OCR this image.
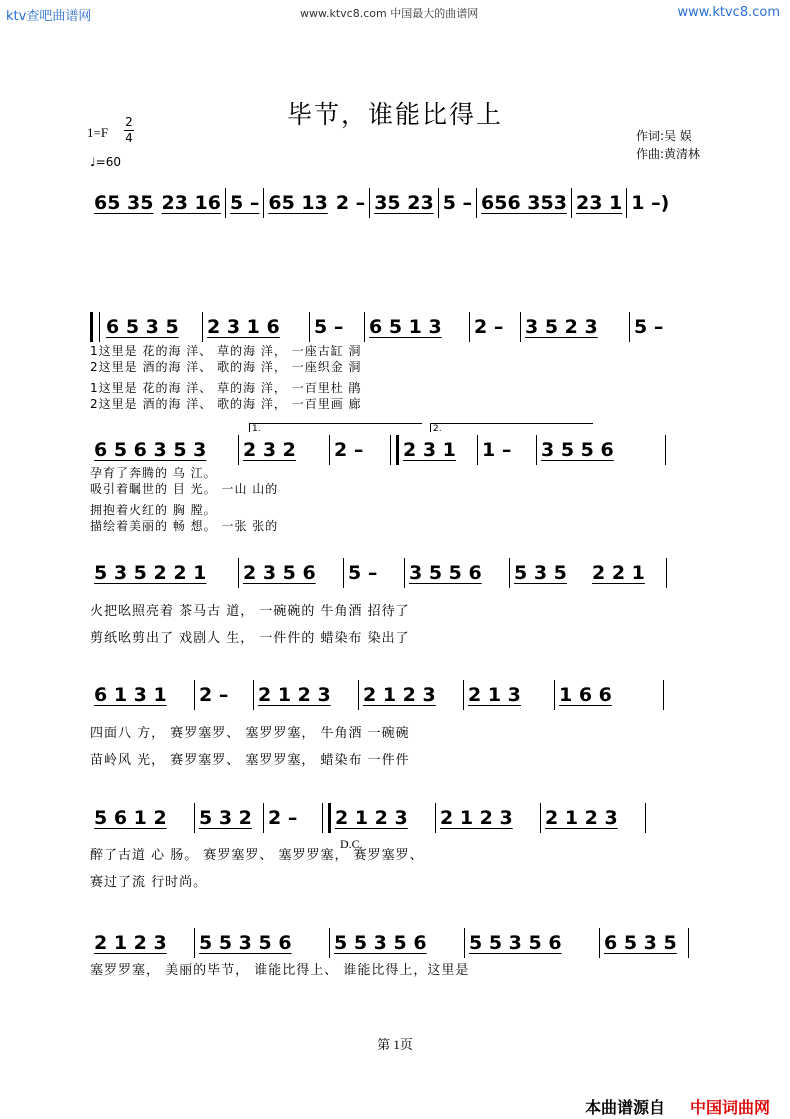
ktv查吧曲谱网	www.ktvc8.com 中国最大的曲谱网	www.ktvc8.com
毕节，谁能比得上
1=F
2
4
♩=60
作词:吴 娱
作曲:黄清林
65 35 23 16 5 – 65 13 2 – 35 23 5 – 656 353 23 1 1 –)
6 5 3 5	2 3 1 6	5 –	6 5 1 3	2 –	3 5 2 3	5 –
1这里是 花的海 洋、 草的海 洋， 一座古缸 洞
2这里是 酒的海 洋、 歌的海 洋， 一座织金 洞
1这里是 花的海 洋、 草的海 洋， 一百里杜 鹃
2这里是 酒的海 洋、 歌的海 洋， 一百里画 廊
1.	2.
6 5 6 3 5 3	2 3 2	2 –	2 3 1	1 –	3 5 5 6
孕育了奔腾的 乌 江。
吸引着瞩世的 目 光。 一山 山的
拥抱着火红的 胸 膛。
描绘着美丽的 畅 想。 一张 张的
5 3 5 2 2 1	2 3 5 6	5 –	3 5 5 6	5 3 5	2 2 1
火把吆照亮着 茶马古 道， 一碗碗的 牛角酒 招待了
剪纸吆剪出了 戏剧人 生， 一件件的 蜡染布 染出了
6 1 3 1	2 –	2 1 2 3	2 1 2 3	2 1 3	1 6 6
四面八 方， 赛罗塞罗、 塞罗罗塞， 牛角酒 一碗碗
苗岭风 光， 赛罗塞罗、 塞罗罗塞， 蜡染布 一件件
5 6 1 2	5 3 2 2 –	2 1 2 3	2 1 2 3	2 1 2 3
D.C.
醉了古道 心 肠。 赛罗塞罗、 塞罗罗塞， 赛罗塞罗、
赛过了流 行时尚。
2 1 2 3	5 5 3 5 6	5 5 3 5 6	5 5 3 5 6	6 5 3 5
塞罗罗塞， 美丽的毕节， 谁能比得上、 谁能比得上，这里是
第 1页
本曲谱源自 中国词曲网
